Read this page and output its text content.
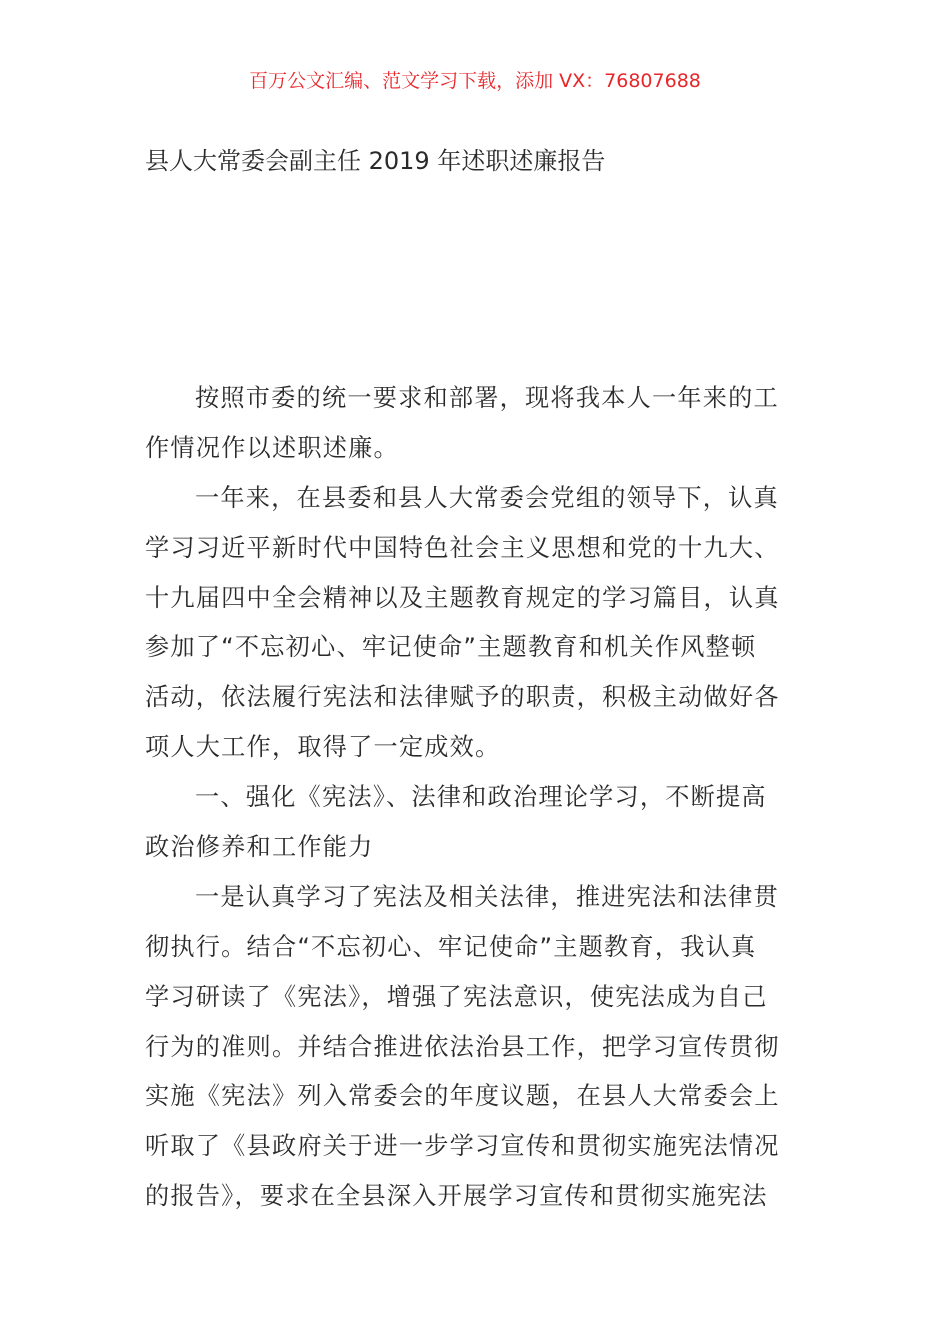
百万公文汇编、范文学习下载，添加 VX：76807688
县人大常委会副主任 2019 年述职述廉报告
按照市委的统一要求和部署，现将我本人一年来的工
作情况作以述职述廉。
一年来，在县委和县人大常委会党组的领导下，认真
学习习近平新时代中国特色社会主义思想和党的十九大、
十九届四中全会精神以及主题教育规定的学习篇目，认真
参加了“不忘初心、牢记使命”主题教育和机关作风整顿
活动，依法履行宪法和法律赋予的职责，积极主动做好各
项人大工作，取得了一定成效。
一、强化《宪法》、法律和政治理论学习，不断提高
政治修养和工作能力
一是认真学习了宪法及相关法律，推进宪法和法律贯
彻执行。结合“不忘初心、牢记使命”主题教育，我认真
学习研读了《宪法》，增强了宪法意识，使宪法成为自己
行为的准则。并结合推进依法治县工作，把学习宣传贯彻
实施《宪法》列入常委会的年度议题，在县人大常委会上
听取了《县政府关于进一步学习宣传和贯彻实施宪法情况
的报告》，要求在全县深入开展学习宣传和贯彻实施宪法
